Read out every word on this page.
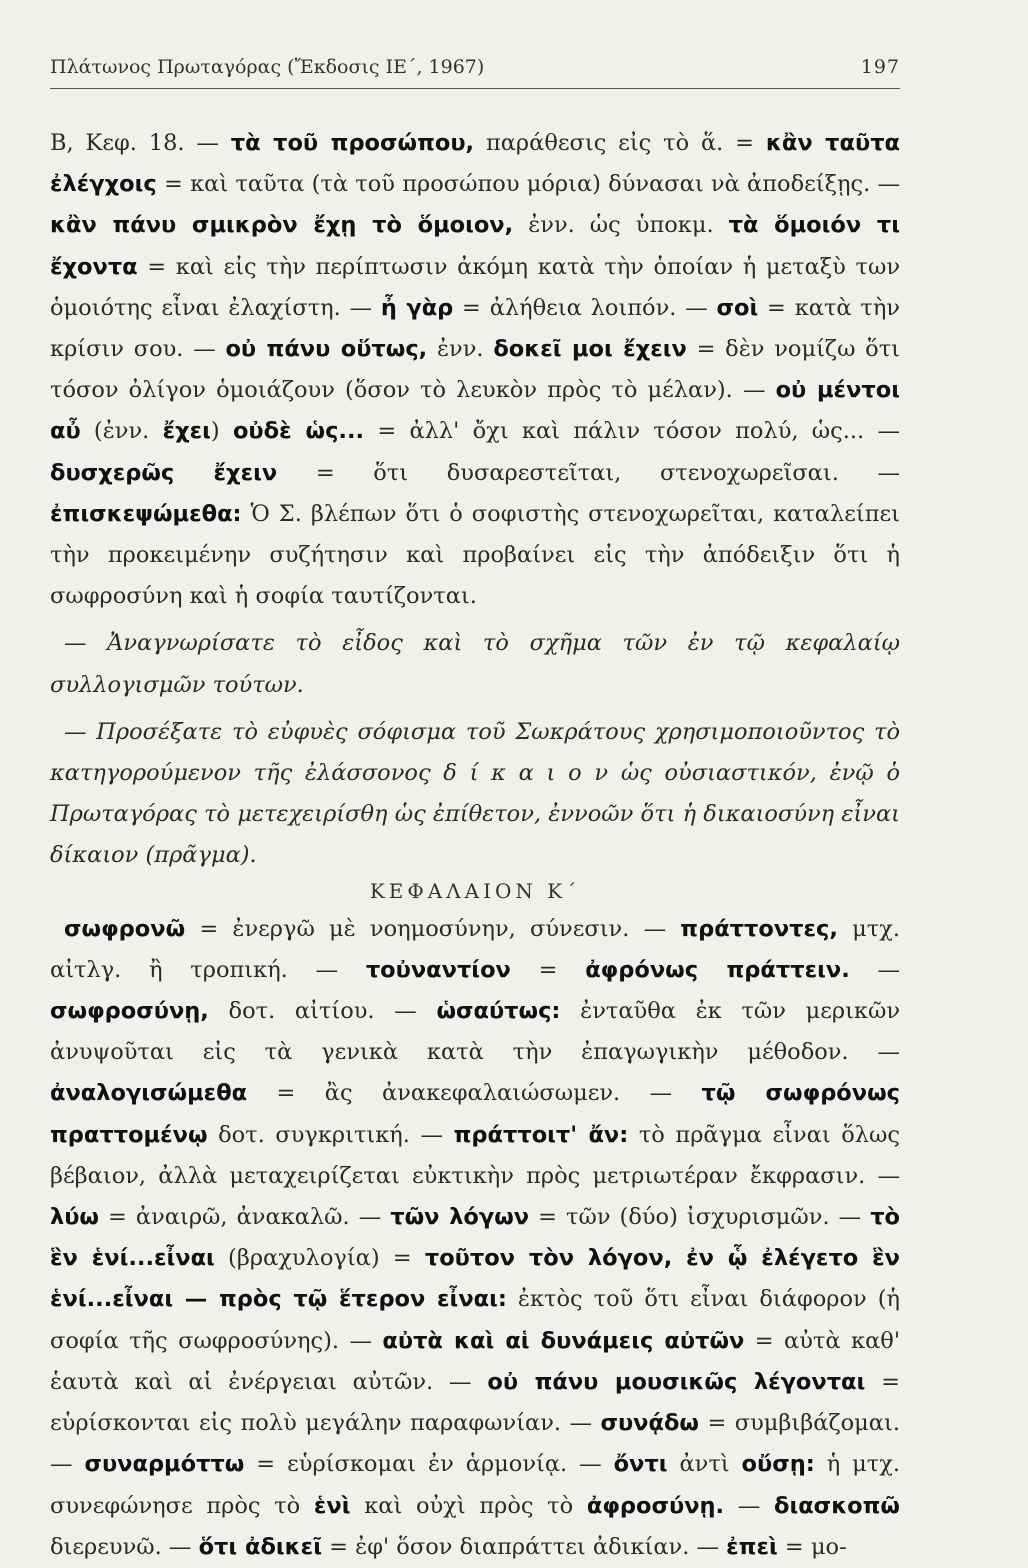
Πλάτωνος Πρωταγόρας (Ἔκδοσις ΙΕ΄, 1967)	197

Β, Κεφ. 18. — τὰ τοῦ προσώπου, παράθεσις εἰς τὸ ἅ. = κἂν ταῦτα ἐλέγχοις = καὶ ταῦτα (τὰ τοῦ προσώπου μόρια) δύνασαι νὰ ἀποδείξῃς. — κἂν πάνυ σμικρὸν ἔχῃ τὸ ὅμοιον, ἐνν. ὡς ὑποκμ. τὰ ὅμοιόν τι ἔχοντα = καὶ εἰς τὴν περίπτωσιν ἀκόμη κατὰ τὴν ὁποίαν ἡ μεταξὺ των ὁμοιότης εἶναι ἐλαχίστη. — ἦ γὰρ = ἀλήθεια λοιπόν. — σοὶ = κατὰ τὴν κρίσιν σου. — οὐ πάνυ οὕτως, ἐνν. δοκεῖ μοι ἔχειν = δὲν νομίζω ὅτι τόσον ὀλίγον ὁμοιάζουν (ὅσον τὸ λευκὸν πρὸς τὸ μέλαν). — οὐ μέντοι αὖ (ἐνν. ἔχει) οὐδὲ ὡς... = ἀλλ' ὄχι καὶ πάλιν τόσον πολύ, ὡς... — δυσχερῶς ἔχειν = ὅτι δυσαρεστεῖται, στενοχωρεῖσαι. — ἐπισκεψώμεθα: Ὁ Σ. βλέπων ὅτι ὁ σοφιστὴς στενοχωρεῖται, καταλείπει τὴν προκειμένην συζήτησιν καὶ προβαίνει εἰς τὴν ἀπόδειξιν ὅτι ἡ σωφροσύνη καὶ ἡ σοφία ταυτίζονται.

— Ἀναγνωρίσατε τὸ εἶδος καὶ τὸ σχῆμα τῶν ἐν τῷ κεφαλαίῳ συλλογισμῶν τούτων.

— Προσέξατε τὸ εὐφυὲς σόφισμα τοῦ Σωκράτους χρησιμοποιοῦντος τὸ κατηγορούμενον τῆς ἐλάσσονος δ ί κ α ι ο ν ὡς οὐσιαστικόν, ἐνῷ ὁ Πρωταγόρας τὸ μετεχειρίσθη ὡς ἐπίθετον, ἐννοῶν ὅτι ἡ δικαιοσύνη εἶναι δίκαιον (πρᾶγμα).

ΚΕΦΑΛΑΙΟΝ Κ΄

σωφρονῶ = ἐνεργῶ μὲ νοημοσύνην, σύνεσιν. — πράττοντες, μτχ. αἰτλγ. ἢ τροπική. — τοὐναντίον = ἀφρόνως πράττειν. — σωφροσύνῃ, δοτ. αἰτίου. — ὡσαύτως: ἐνταῦθα ἐκ τῶν μερικῶν ἀνυψοῦται εἰς τὰ γενικὰ κατὰ τὴν ἐπαγωγικὴν μέθοδον. — ἀναλογισώμεθα = ἂς ἀνακεφαλαιώσωμεν. — τῷ σωφρόνως πραττομένῳ δοτ. συγκριτική. — πράττοιτ' ἄν: τὸ πρᾶγμα εἶναι ὅλως βέβαιον, ἀλλὰ μεταχειρίζεται εὐκτικὴν πρὸς μετριωτέραν ἔκφρασιν. — λύω = ἀναιρῶ, ἀνακαλῶ. — τῶν λόγων = τῶν (δύο) ἰσχυρισμῶν. — τὸ ἓν ἑνί...εἶναι (βραχυλογία) = τοῦτον τὸν λόγον, ἐν ᾧ ἐλέγετο ἓν ἑνί...εἶναι — πρὸς τῷ ἕτερον εἶναι: ἐκτὸς τοῦ ὅτι εἶναι διάφορον (ἡ σοφία τῆς σωφροσύνης). — αὐτὰ καὶ αἱ δυνάμεις αὐτῶν = αὐτὰ καθ' ἑαυτὰ καὶ αἱ ἐνέργειαι αὐτῶν. — οὐ πάνυ μουσικῶς λέγονται = εὑρίσκονται εἰς πολὺ μεγάλην παραφωνίαν. — συνᾴδω = συμβιβάζομαι. — συναρμόττω = εὑρίσκομαι ἐν ἁρμονίᾳ. — ὄντι ἀντὶ οὔσῃ: ἡ μτχ. συνεφώνησε πρὸς τὸ ἑνὶ καὶ οὐχὶ πρὸς τὸ ἀφροσύνῃ. — διασκοπῶ διερευνῶ. — ὅτι ἀδικεῖ = ἐφ' ὅσον διαπράττει ἀδικίαν. — ἐπεὶ = μο-
